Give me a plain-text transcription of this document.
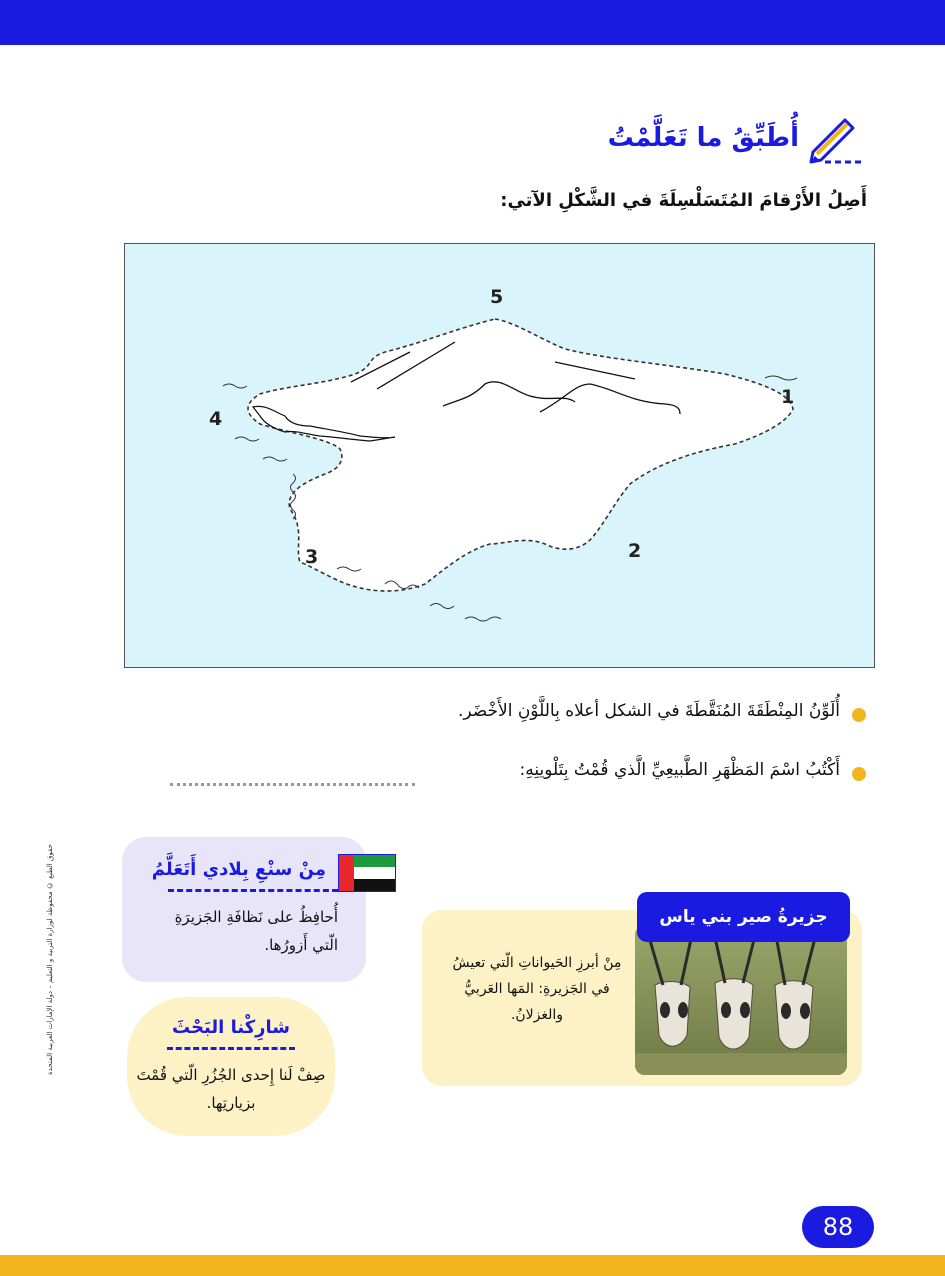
أُطَبِّقُ ما تَعَلَّمْتُ
أَصِلُ الأَرْقامَ المُتَسَلْسِلَةَ في الشَّكْلِ الآتي:
5
1
4
2
3
أُلَوِّنُ المِنْطَقَةَ المُنَقَّطَةَ في الشكل أعلاه بِاللَّوْنِ الأَخْضَر.
أَكْتُبُ اسْمَ المَظْهَرِ الطَّبيعِيِّ الَّذي قُمْتُ بِتَلْوينِهِ:
حقوق الطبع © محفوظة لوزارة التربية و التعليم – دولة الإمارات العربية المتحدة	مِنْ سنْعِ بِلادي أَتَعَلَّمُ
أُحافِظُ على نَظافَةِ الجَزيرَةِ الّتي أَزورُها.
شارِكْنا البَحْثَ
صِفْ لَنا إِحدى الجُزُرِ الّتي قُمْتَ بزيارتِها.
مِنْ أبرزِ الحَيواناتِ الّتي تعيشُ في الجَزيرةِ: المَها العَربيُّ والغزلانُ.
جزيرةُ صير بني ياس
88
